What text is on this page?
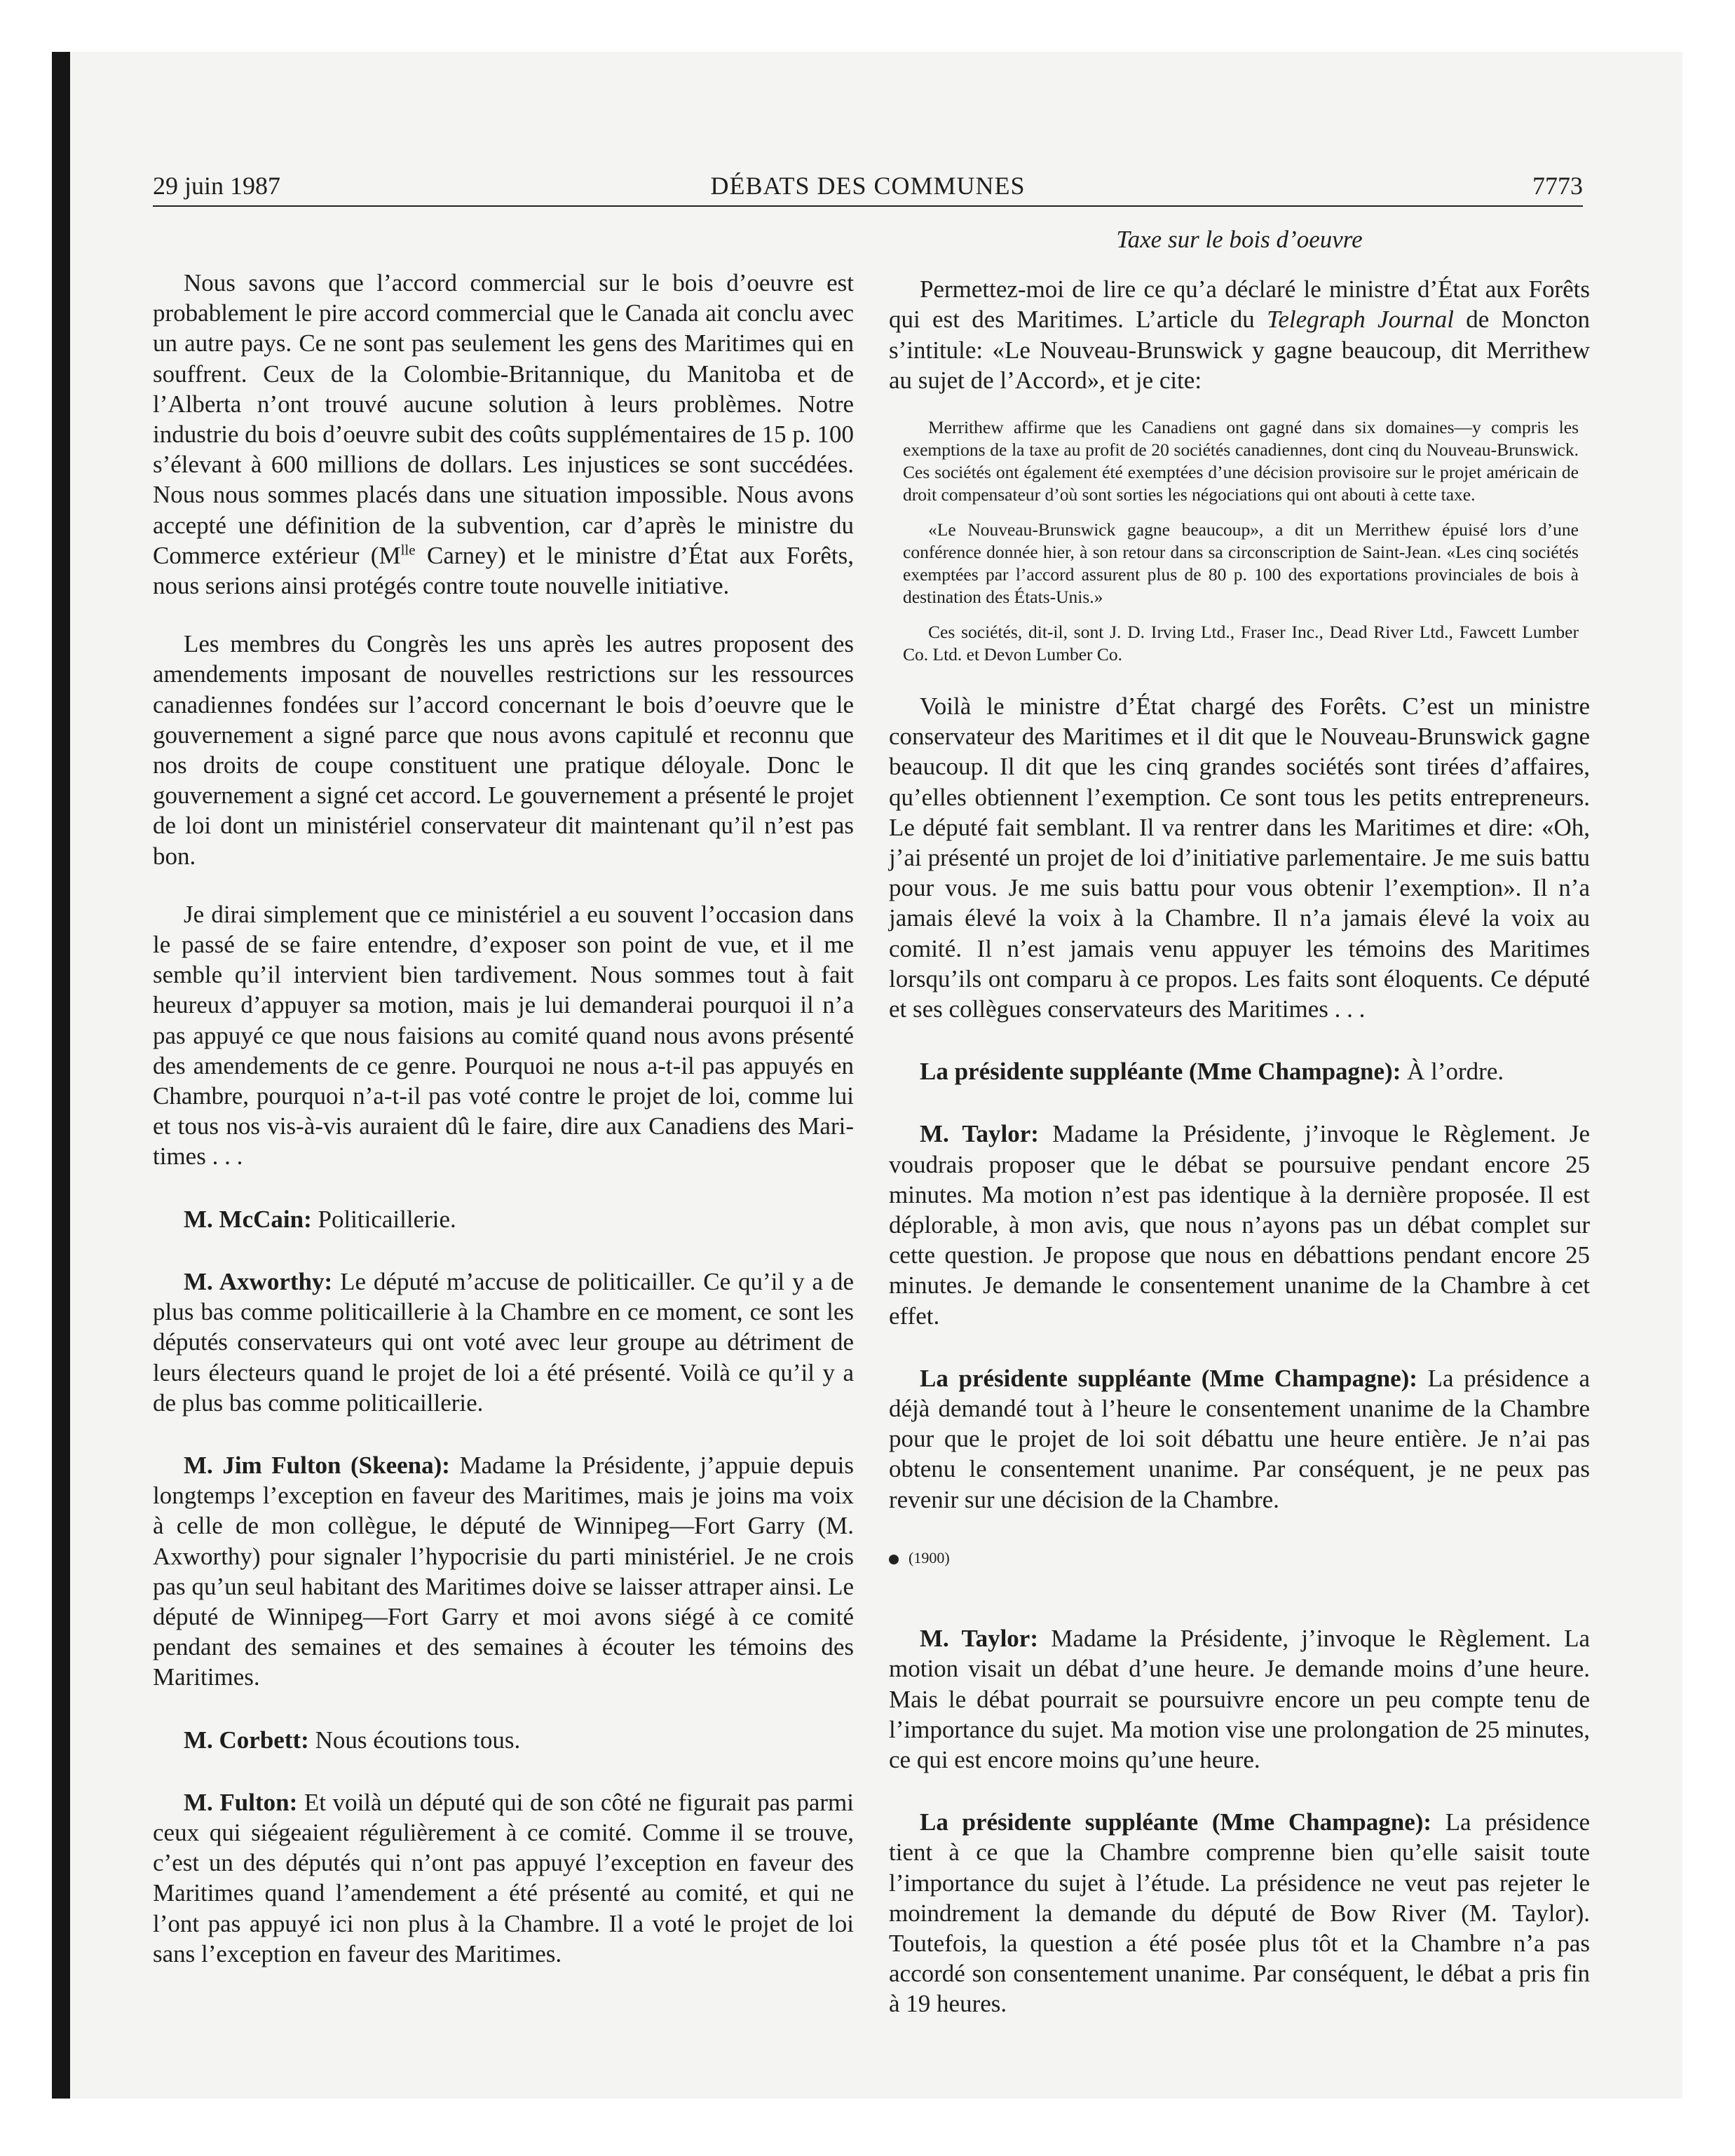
29 juin 1987	DÉBATS DES COMMUNES	7773

Nous savons que l’accord commercial sur le bois d’oeuvre est probablement le pire accord commercial que le Canada ait conclu avec un autre pays. Ce ne sont pas seulement les gens des Maritimes qui en souffrent. Ceux de la Colombie-Britannique, du Manitoba et de l’Alberta n’ont trouvé aucune solution à leurs problèmes. Notre industrie du bois d’oeuvre subit des coûts supplémentaires de 15 p. 100 s’élevant à 600 millions de dollars. Les injustices se sont succédées. Nous nous sommes placés dans une situation impossible. Nous avons accepté une définition de la subvention, car d’après le ministre du Commerce extérieur ($M^{lle}$ Carney) et le ministre d’État aux Forêts, nous serions ainsi protégés contre toute nouvelle initiative.

Les membres du Congrès les uns après les autres proposent des amendements imposant de nouvelles restrictions sur les ressources canadiennes fondées sur l’accord concernant le bois d’oeuvre que le gouvernement a signé parce que nous avons capitulé et reconnu que nos droits de coupe constituent une pratique déloyale. Donc le gouvernement a signé cet accord. Le gouvernement a présenté le projet de loi dont un ministériel conservateur dit maintenant qu’il n’est pas bon.

Je dirai simplement que ce ministériel a eu souvent l’occasion dans le passé de se faire entendre, d’exposer son point de vue, et il me semble qu’il intervient bien tardivement. Nous sommes tout à fait heureux d’appuyer sa motion, mais je lui demanderai pourquoi il n’a pas appuyé ce que nous faisions au comité quand nous avons présenté des amendements de ce genre. Pourquoi ne nous a-t-il pas appuyés en Chambre, pourquoi n’a-t-il pas voté contre le projet de loi, comme lui et tous nos vis-à-vis auraient dû le faire, dire aux Canadiens des Maritimes . . .

M. McCain: Politicaillerie.

M. Axworthy: Le député m’accuse de politicailler. Ce qu’il y a de plus bas comme politicaillerie à la Chambre en ce moment, ce sont les députés conservateurs qui ont voté avec leur groupe au détriment de leurs électeurs quand le projet de loi a été présenté. Voilà ce qu’il y a de plus bas comme politicaillerie.

M. Jim Fulton (Skeena): Madame la Présidente, j’appuie depuis longtemps l’exception en faveur des Maritimes, mais je joins ma voix à celle de mon collègue, le député de Winnipeg—Fort Garry (M. Axworthy) pour signaler l’hypocrisie du parti ministériel. Je ne crois pas qu’un seul habitant des Maritimes doive se laisser attraper ainsi. Le député de Winnipeg—Fort Garry et moi avons siégé à ce comité pendant des semaines et des semaines à écouter les témoins des Maritimes.

M. Corbett: Nous écoutions tous.

M. Fulton: Et voilà un député qui de son côté ne figurait pas parmi ceux qui siégeaient régulièrement à ce comité. Comme il se trouve, c’est un des députés qui n’ont pas appuyé l’exception en faveur des Maritimes quand l’amendement a été présenté au comité, et qui ne l’ont pas appuyé ici non plus à la Chambre. Il a voté le projet de loi sans l’exception en faveur des Maritimes.

Taxe sur le bois d’oeuvre

Permettez-moi de lire ce qu’a déclaré le ministre d’État aux Forêts qui est des Maritimes. L’article du Telegraph Journal de Moncton s’intitule: «Le Nouveau-Brunswick y gagne beaucoup, dit Merrithew au sujet de l’Accord», et je cite:

Merrithew affirme que les Canadiens ont gagné dans six domaines—y compris les exemptions de la taxe au profit de 20 sociétés canadiennes, dont cinq du Nouveau-Brunswick. Ces sociétés ont également été exemptées d’une décision provisoire sur le projet américain de droit compensateur d’où sont sorties les négociations qui ont abouti à cette taxe.
«Le Nouveau-Brunswick gagne beaucoup», a dit un Merrithew épuisé lors d’une conférence donnée hier, à son retour dans sa circonscription de Saint-Jean. «Les cinq sociétés exemptées par l’accord assurent plus de 80 p. 100 des exportations provinciales de bois à destination des États-Unis.»
Ces sociétés, dit-il, sont J. D. Irving Ltd., Fraser Inc., Dead River Ltd., Fawcett Lumber Co. Ltd. et Devon Lumber Co.

Voilà le ministre d’État chargé des Forêts. C’est un ministre conservateur des Maritimes et il dit que le Nouveau-Brunswick gagne beaucoup. Il dit que les cinq grandes sociétés sont tirées d’affaires, qu’elles obtiennent l’exemption. Ce sont tous les petits entrepreneurs. Le député fait semblant. Il va rentrer dans les Maritimes et dire: «Oh, j’ai présenté un projet de loi d’initiative parlementaire. Je me suis battu pour vous. Je me suis battu pour vous obtenir l’exemption». Il n’a jamais élevé la voix à la Chambre. Il n’a jamais élevé la voix au comité. Il n’est jamais venu appuyer les témoins des Maritimes lorsqu’ils ont comparu à ce propos. Les faits sont éloquents. Ce député et ses collègues conservateurs des Maritimes . . .

La présidente suppléante (Mme Champagne): À l’ordre.

M. Taylor: Madame la Présidente, j’invoque le Règlement. Je voudrais proposer que le débat se poursuive pendant encore 25 minutes. Ma motion n’est pas identique à la dernière proposée. Il est déplorable, à mon avis, que nous n’ayons pas un débat complet sur cette question. Je propose que nous en débattions pendant encore 25 minutes. Je demande le consentement unanime de la Chambre à cet effet.

La présidente suppléante (Mme Champagne): La présidence a déjà demandé tout à l’heure le consentement unanime de la Chambre pour que le projet de loi soit débattu une heure entière. Je n’ai pas obtenu le consentement unanime. Par conséquent, je ne peux pas revenir sur une décision de la Chambre.

(1900)

M. Taylor: Madame la Présidente, j’invoque le Règlement. La motion visait un débat d’une heure. Je demande moins d’une heure. Mais le débat pourrait se poursuivre encore un peu compte tenu de l’importance du sujet. Ma motion vise une prolongation de 25 minutes, ce qui est encore moins qu’une heure.

La présidente suppléante (Mme Champagne): La présidence tient à ce que la Chambre comprenne bien qu’elle saisit toute l’importance du sujet à l’étude. La présidence ne veut pas rejeter le moindrement la demande du député de Bow River (M. Taylor). Toutefois, la question a été posée plus tôt et la Chambre n’a pas accordé son consentement unanime. Par conséquent, le débat a pris fin à 19 heures.
